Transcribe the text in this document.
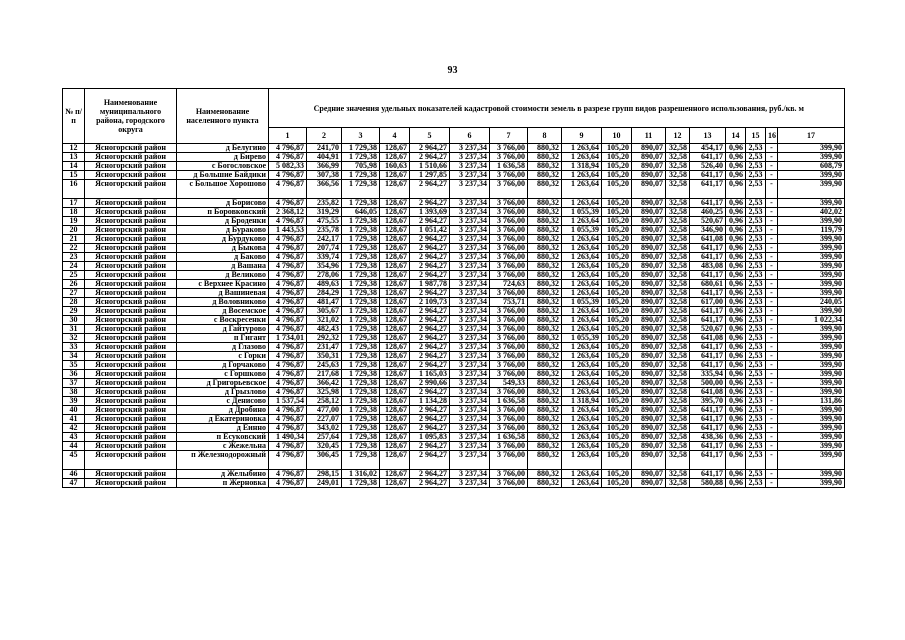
93
№ п/п	Наименование муниципального района, городского округа	Наименование населенного пункта	Средние значения удельных показателей кадастровой стоимости земель в разрезе групп видов разрешенного использования, руб./кв. м																
			1	2	3	4	5	6	7	8	9	10	11	12	13	14	15	16	17
12	Ясногорский район	д Белугино	4 796,87	241,70	1 729,38	128,67	2 964,27	3 237,34	3 766,00	880,32	1 263,64	105,20	890,07	32,58	454,17	0,96	2,53	-	399,90
13	Ясногорский район	д Бирево	4 796,87	404,91	1 729,38	128,67	2 964,27	3 237,34	3 766,00	880,32	1 263,64	105,20	890,07	32,58	641,17	0,96	2,53	-	399,90
14	Ясногорский район	с Богословское	5 082,33	366,99	705,98	160,63	1 510,66	3 237,34	1 636,58	880,32	1 318,94	105,20	890,07	32,58	526,40	0,96	2,53	-	608,79
15	Ясногорский район	д Большие Байдики	4 796,87	307,38	1 729,38	128,67	1 297,85	3 237,34	3 766,00	880,32	1 263,64	105,20	890,07	32,58	641,17	0,96	2,53	-	399,90
16	Ясногорский район	с Большое Хорошово	4 796,87	366,56	1 729,38	128,67	2 964,27	3 237,34	3 766,00	880,32	1 263,64	105,20	890,07	32,58	641,17	0,96	2,53	-	399,90
17	Ясногорский район	д Борисово	4 796,87	235,82	1 729,38	128,67	2 964,27	3 237,34	3 766,00	880,32	1 263,64	105,20	890,07	32,58	641,17	0,96	2,53	-	399,90
18	Ясногорский район	п Боровковский	2 368,12	319,29	646,05	128,67	1 393,69	3 237,34	3 766,00	880,32	1 055,39	105,20	890,07	32,58	460,25	0,96	2,53	-	402,02
19	Ясногорский район	д Броденки	4 796,87	475,55	1 729,38	128,67	2 964,27	3 237,34	3 766,00	880,32	1 263,64	105,20	890,07	32,58	520,67	0,96	2,53	-	399,90
20	Ясногорский район	д Бураково	1 443,53	235,78	1 729,38	128,67	1 051,42	3 237,34	3 766,00	880,32	1 055,39	105,20	890,07	32,58	346,90	0,96	2,53	-	119,79
21	Ясногорский район	д Бурдуково	4 796,87	242,17	1 729,38	128,67	2 964,27	3 237,34	3 766,00	880,32	1 263,64	105,20	890,07	32,58	641,08	0,96	2,53	-	399,90
22	Ясногорский район	д Быкова	4 796,87	207,74	1 729,38	128,67	2 964,27	3 237,34	3 766,00	880,32	1 263,64	105,20	890,07	32,58	641,17	0,96	2,53	-	399,90
23	Ясногорский район	д Баково	4 796,87	339,74	1 729,38	128,67	2 964,27	3 237,34	3 766,00	880,32	1 263,64	105,20	890,07	32,58	641,17	0,96	2,53	-	399,90
24	Ясногорский район	д Вашана	4 796,87	354,96	1 729,38	128,67	2 964,27	3 237,34	3 766,00	880,32	1 263,64	105,20	890,07	32,58	483,08	0,96	2,53	-	399,90
25	Ясногорский район	д Великово	4 796,87	278,06	1 729,38	128,67	2 964,27	3 237,34	3 766,00	880,32	1 263,64	105,20	890,07	32,58	641,17	0,96	2,53	-	399,90
26	Ясногорский район	с Верхнее Красино	4 796,87	489,63	1 729,38	128,67	1 987,78	3 237,34	724,63	880,32	1 263,64	105,20	890,07	32,58	680,61	0,96	2,53	-	399,90
27	Ясногорский район	д Вашиневая	4 796,87	284,29	1 729,38	128,67	2 964,27	3 237,34	3 766,00	880,32	1 263,64	105,20	890,07	32,58	641,17	0,96	2,53	-	399,90
28	Ясногорский район	д Воловниково	4 796,87	481,47	1 729,38	128,67	2 109,73	3 237,34	753,71	880,32	1 055,39	105,20	890,07	32,58	617,00	0,96	2,53	-	240,05
29	Ясногорский район	д Восемское	4 796,87	305,67	1 729,38	128,67	2 964,27	3 237,34	3 766,00	880,32	1 263,64	105,20	890,07	32,58	641,17	0,96	2,53	-	399,90
30	Ясногорский район	с Воскресенки	4 796,87	321,02	1 729,38	128,67	2 964,27	3 237,34	3 766,00	880,32	1 263,64	105,20	890,07	32,58	641,17	0,96	2,53	-	1 022,34
31	Ясногорский район	д Гайтурово	4 796,87	482,43	1 729,38	128,67	2 964,27	3 237,34	3 766,00	880,32	1 263,64	105,20	890,07	32,58	520,67	0,96	2,53	-	399,90
32	Ясногорский район	п Гигант	1 734,01	292,32	1 729,38	128,67	2 964,27	3 237,34	3 766,00	880,32	1 055,39	105,20	890,07	32,58	641,08	0,96	2,53	-	399,90
33	Ясногорский район	д Глазово	4 796,87	231,47	1 729,38	128,67	2 964,27	3 237,34	3 766,00	880,32	1 263,64	105,20	890,07	32,58	641,17	0,96	2,53	-	399,90
34	Ясногорский район	с Горки	4 796,87	350,31	1 729,38	128,67	2 964,27	3 237,34	3 766,00	880,32	1 263,64	105,20	890,07	32,58	641,17	0,96	2,53	-	399,90
35	Ясногорский район	д Горчаково	4 796,87	245,63	1 729,38	128,67	2 964,27	3 237,34	3 766,00	880,32	1 263,64	105,20	890,07	32,58	641,17	0,96	2,53	-	399,90
36	Ясногорский район	с Горшково	4 796,87	217,68	1 729,38	128,67	1 165,03	3 237,34	3 766,00	880,32	1 263,64	105,20	890,07	32,58	335,94	0,96	2,53	-	399,90
37	Ясногорский район	д Григорьевское	4 796,87	366,42	1 729,38	128,67	2 990,66	3 237,34	549,33	880,32	1 263,64	105,20	890,07	32,58	500,00	0,96	2,53	-	399,90
38	Ясногорский район	д Грызлово	4 796,87	325,98	1 729,38	128,67	2 964,27	3 237,34	3 766,00	880,32	1 263,64	105,20	890,07	32,58	641,08	0,96	2,53	-	399,90
39	Ясногорский район	с Денисово	1 537,54	258,12	1 729,38	128,67	1 134,28	3 237,34	1 636,58	880,32	1 318,94	105,20	890,07	32,58	395,70	0,96	2,53	-	131,86
40	Ясногорский район	д Дробино	4 796,87	477,00	1 729,38	128,67	2 964,27	3 237,34	3 766,00	880,32	1 263,64	105,20	890,07	32,58	641,17	0,96	2,53	-	399,90
41	Ясногорский район	д Екатериновка	4 796,87	227,07	1 729,38	128,67	2 964,27	3 237,34	3 766,00	880,32	1 263,64	105,20	890,07	32,58	641,17	0,96	2,53	-	399,90
42	Ясногорский район	д Еинно	4 796,87	343,02	1 729,38	128,67	2 964,27	3 237,34	3 766,00	880,32	1 263,64	105,20	890,07	32,58	641,17	0,96	2,53	-	399,90
43	Ясногорский район	п Есуковский	1 490,34	257,64	1 729,38	128,67	1 095,83	3 237,34	1 636,58	880,32	1 263,64	105,20	890,07	32,58	438,36	0,96	2,53	-	399,90
44	Ясногорский район	с Жежельна	4 796,87	320,45	1 729,38	128,67	2 964,27	3 237,34	3 766,00	880,32	1 263,64	105,20	890,07	32,58	641,17	0,96	2,53	-	399,90
45	Ясногорский район	п Железнодорожный	4 796,87	306,45	1 729,38	128,67	2 964,27	3 237,34	3 766,00	880,32	1 263,64	105,20	890,07	32,58	641,17	0,96	2,53	-	399,90
46	Ясногорский район	д Желыбино	4 796,87	298,15	1 316,02	128,67	2 964,27	3 237,34	3 766,00	880,32	1 263,64	105,20	890,07	32,58	641,17	0,96	2,53	-	399,90
47	Ясногорский район	п Жерновка	4 796,87	249,01	1 729,38	128,67	2 964,27	3 237,34	3 766,00	880,32	1 263,64	105,20	890,07	32,58	580,88	0,96	2,53	-	399,90
